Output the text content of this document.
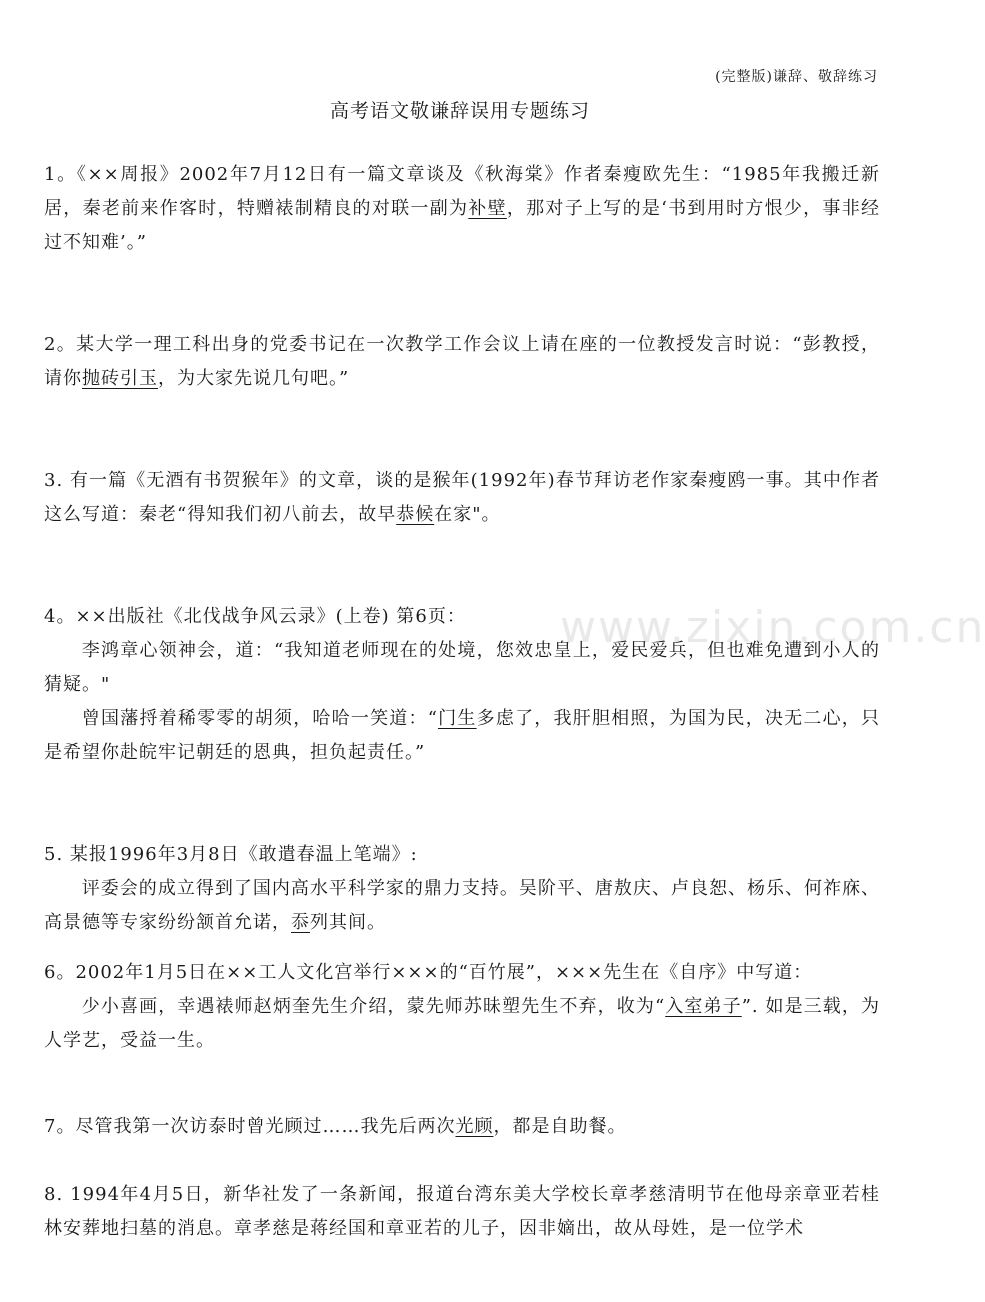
(完整版)谦辞、敬辞练习
高考语文敬谦辞误用专题练习
www.zixin.com.cn
1。《××周报》2002年7月12日有一篇文章谈及《秋海棠》作者秦瘦欧先生：“1985年我搬迁新居，秦老前来作客时，特赠裱制精良的对联一副为补壁，那对子上写的是‘书到用时方恨少，事非经过不知难’。”
2。某大学一理工科出身的党委书记在一次教学工作会议上请在座的一位教授发言时说：“彭教授，请你抛砖引玉，为大家先说几句吧。”
3. 有一篇《无酒有书贺猴年》的文章，谈的是猴年(1992年)春节拜访老作家秦瘦鸥一事。其中作者这么写道：秦老“得知我们初八前去，故早恭候在家"。
4。××出版社《北伐战争风云录》(上卷) 第6页：
李鸿章心领神会，道：“我知道老师现在的处境，您效忠皇上，爱民爱兵，但也难免遭到小人的猜疑。"
曾国藩捋着稀零零的胡须，哈哈一笑道：“门生多虑了，我肝胆相照，为国为民，决无二心，只是希望你赴皖牢记朝廷的恩典，担负起责任。”
5. 某报1996年3月8日《敢遣春温上笔端》:
评委会的成立得到了国内高水平科学家的鼎力支持。吴阶平、唐敖庆、卢良恕、杨乐、何祚庥、高景德等专家纷纷颔首允诺，忝列其间。
6。2002年1月5日在××工人文化宫举行×××的“百竹展”，×××先生在《自序》中写道：
少小喜画，幸遇裱师赵炳奎先生介绍，蒙先师苏昧塑先生不弃，收为“入室弟子”. 如是三载，为人学艺，受益一生。
7。尽管我第一次访泰时曾光顾过……我先后两次光顾，都是自助餐。
8. 1994年4月5日，新华社发了一条新闻，报道台湾东美大学校长章孝慈清明节在他母亲章亚若桂林安葬地扫墓的消息。章孝慈是蒋经国和章亚若的儿子，因非嫡出，故从母姓，是一位学术
